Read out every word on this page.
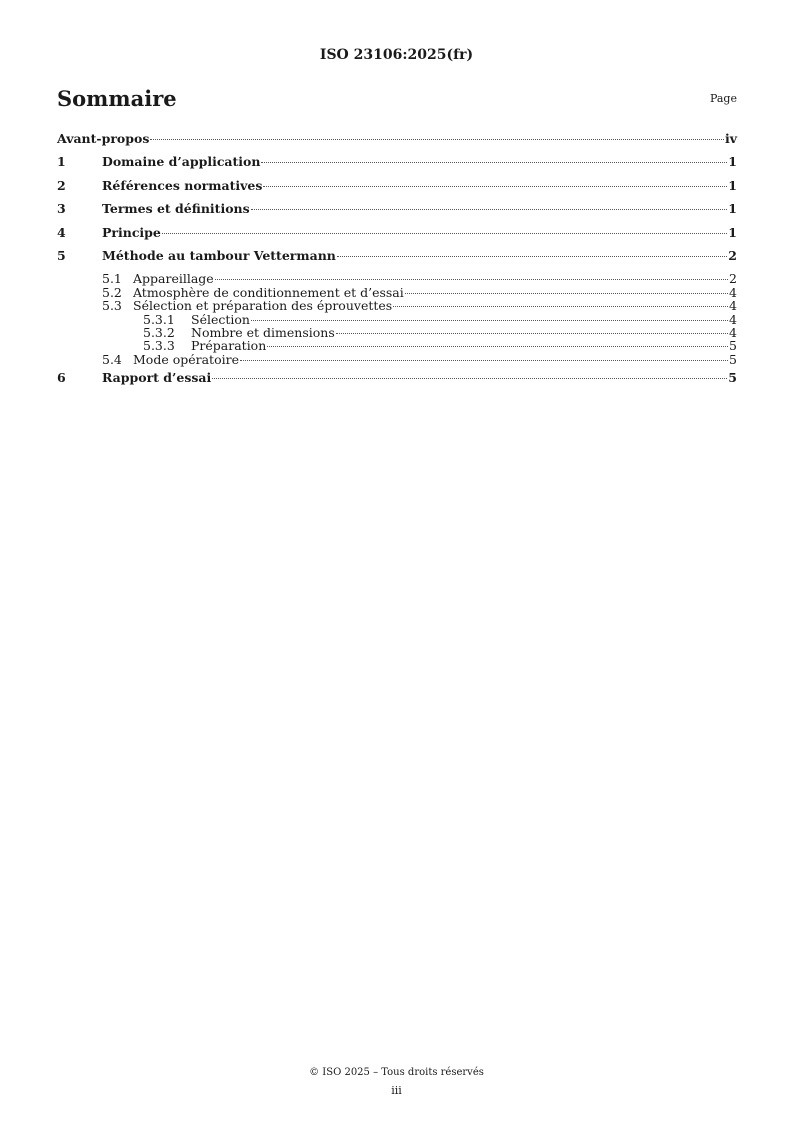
ISO 23106:2025(fr)
Sommaire	Page
Avant-propos	iv
1	Domaine d’application	1
2	Références normatives	1
3	Termes et définitions	1
4	Principe	1
5	Méthode au tambour Vettermann	2
5.1 Appareillage	2
5.2 Atmosphère de conditionnement et d’essai	4
5.3 Sélection et préparation des éprouvettes	4
5.3.1	Sélection	4
5.3.2	Nombre et dimensions	4
5.3.3	Préparation	5
5.4 Mode opératoire	5
6	Rapport d’essai	5
© ISO 2025 – Tous droits réservés
iii
